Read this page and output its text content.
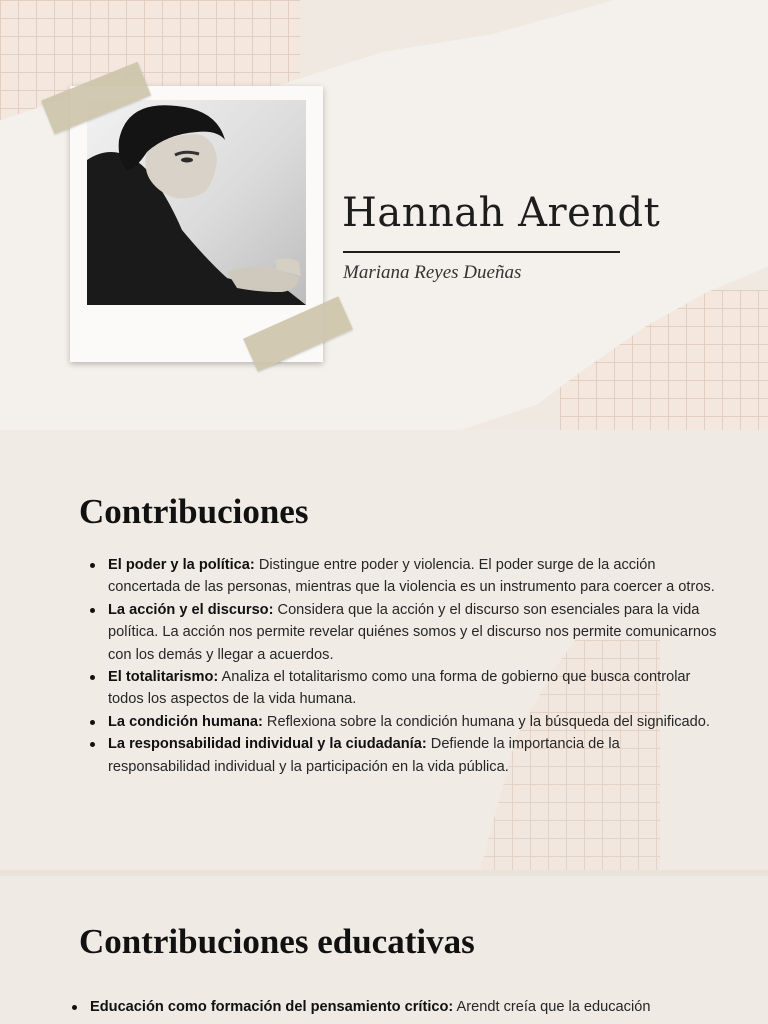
Hannah Arendt
Mariana Reyes Dueñas
Contribuciones
El poder y la política: Distingue entre poder y violencia. El poder surge de la acción concertada de las personas, mientras que la violencia es un instrumento para coercer a otros.
La acción y el discurso: Considera que la acción y el discurso son esenciales para la vida política. La acción nos permite revelar quiénes somos y el discurso nos permite comunicarnos con los demás y llegar a acuerdos.
El totalitarismo: Analiza el totalitarismo como una forma de gobierno que busca controlar todos los aspectos de la vida humana.
La condición humana: Reflexiona sobre la condición humana y la búsqueda del significado.
La responsabilidad individual y la ciudadanía: Defiende la importancia de la responsabilidad individual y la participación en la vida pública.
Contribuciones educativas
Educación como formación del pensamiento crítico: Arendt creía que la educación
